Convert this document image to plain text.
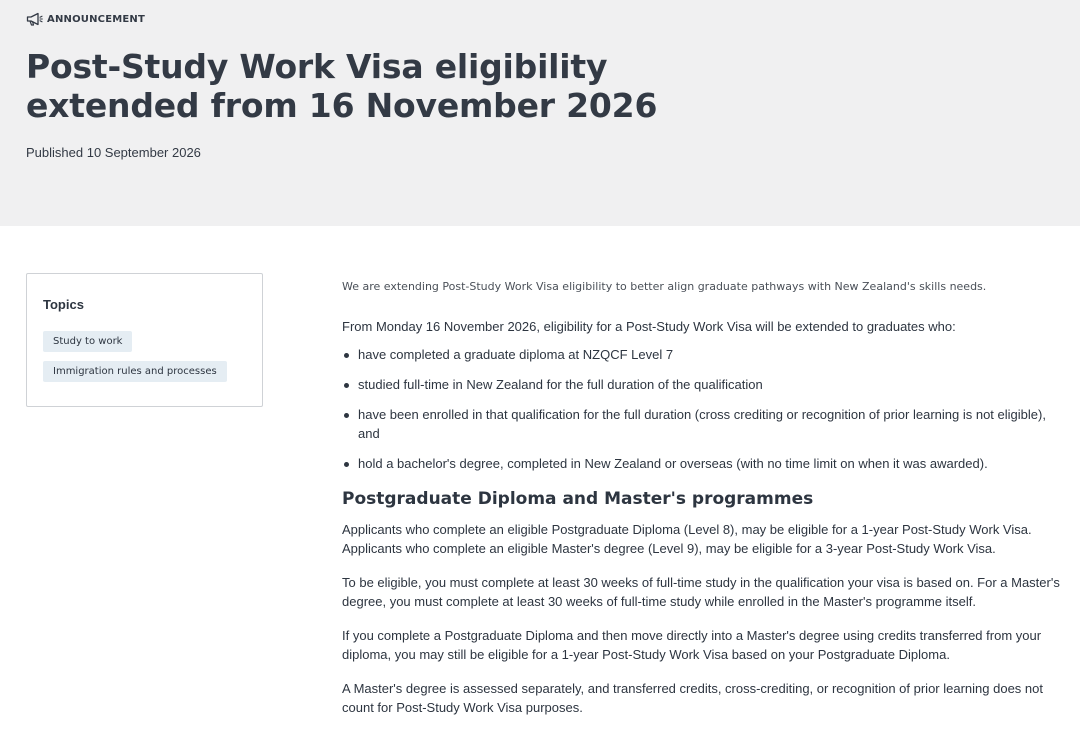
ANNOUNCEMENT
Post-Study Work Visa eligibility extended from 16 November 2026
Published 10 September 2026
Topics
Study to work
Immigration rules and processes

We are extending Post-Study Work Visa eligibility to better align graduate pathways with New Zealand's skills needs.

From Monday 16 November 2026, eligibility for a Post-Study Work Visa will be extended to graduates who:

have completed a graduate diploma at NZQCF Level 7
studied full-time in New Zealand for the full duration of the qualification
have been enrolled in that qualification for the full duration (cross crediting or recognition of prior learning is not eligible), and
hold a bachelor's degree, completed in New Zealand or overseas (with no time limit on when it was awarded).
Postgraduate Diploma and Master's programmes

Applicants who complete an eligible Postgraduate Diploma (Level 8), may be eligible for a 1-year Post-Study Work Visa. Applicants who complete an eligible Master's degree (Level 9), may be eligible for a 3-year Post-Study Work Visa.

To be eligible, you must complete at least 30 weeks of full-time study in the qualification your visa is based on. For a Master's degree, you must complete at least 30 weeks of full-time study while enrolled in the Master's programme itself.

If you complete a Postgraduate Diploma and then move directly into a Master's degree using credits transferred from your diploma, you may still be eligible for a 1-year Post-Study Work Visa based on your Postgraduate Diploma.

A Master's degree is assessed separately, and transferred credits, cross-crediting, or recognition of prior learning does not count for Post-Study Work Visa purposes.
